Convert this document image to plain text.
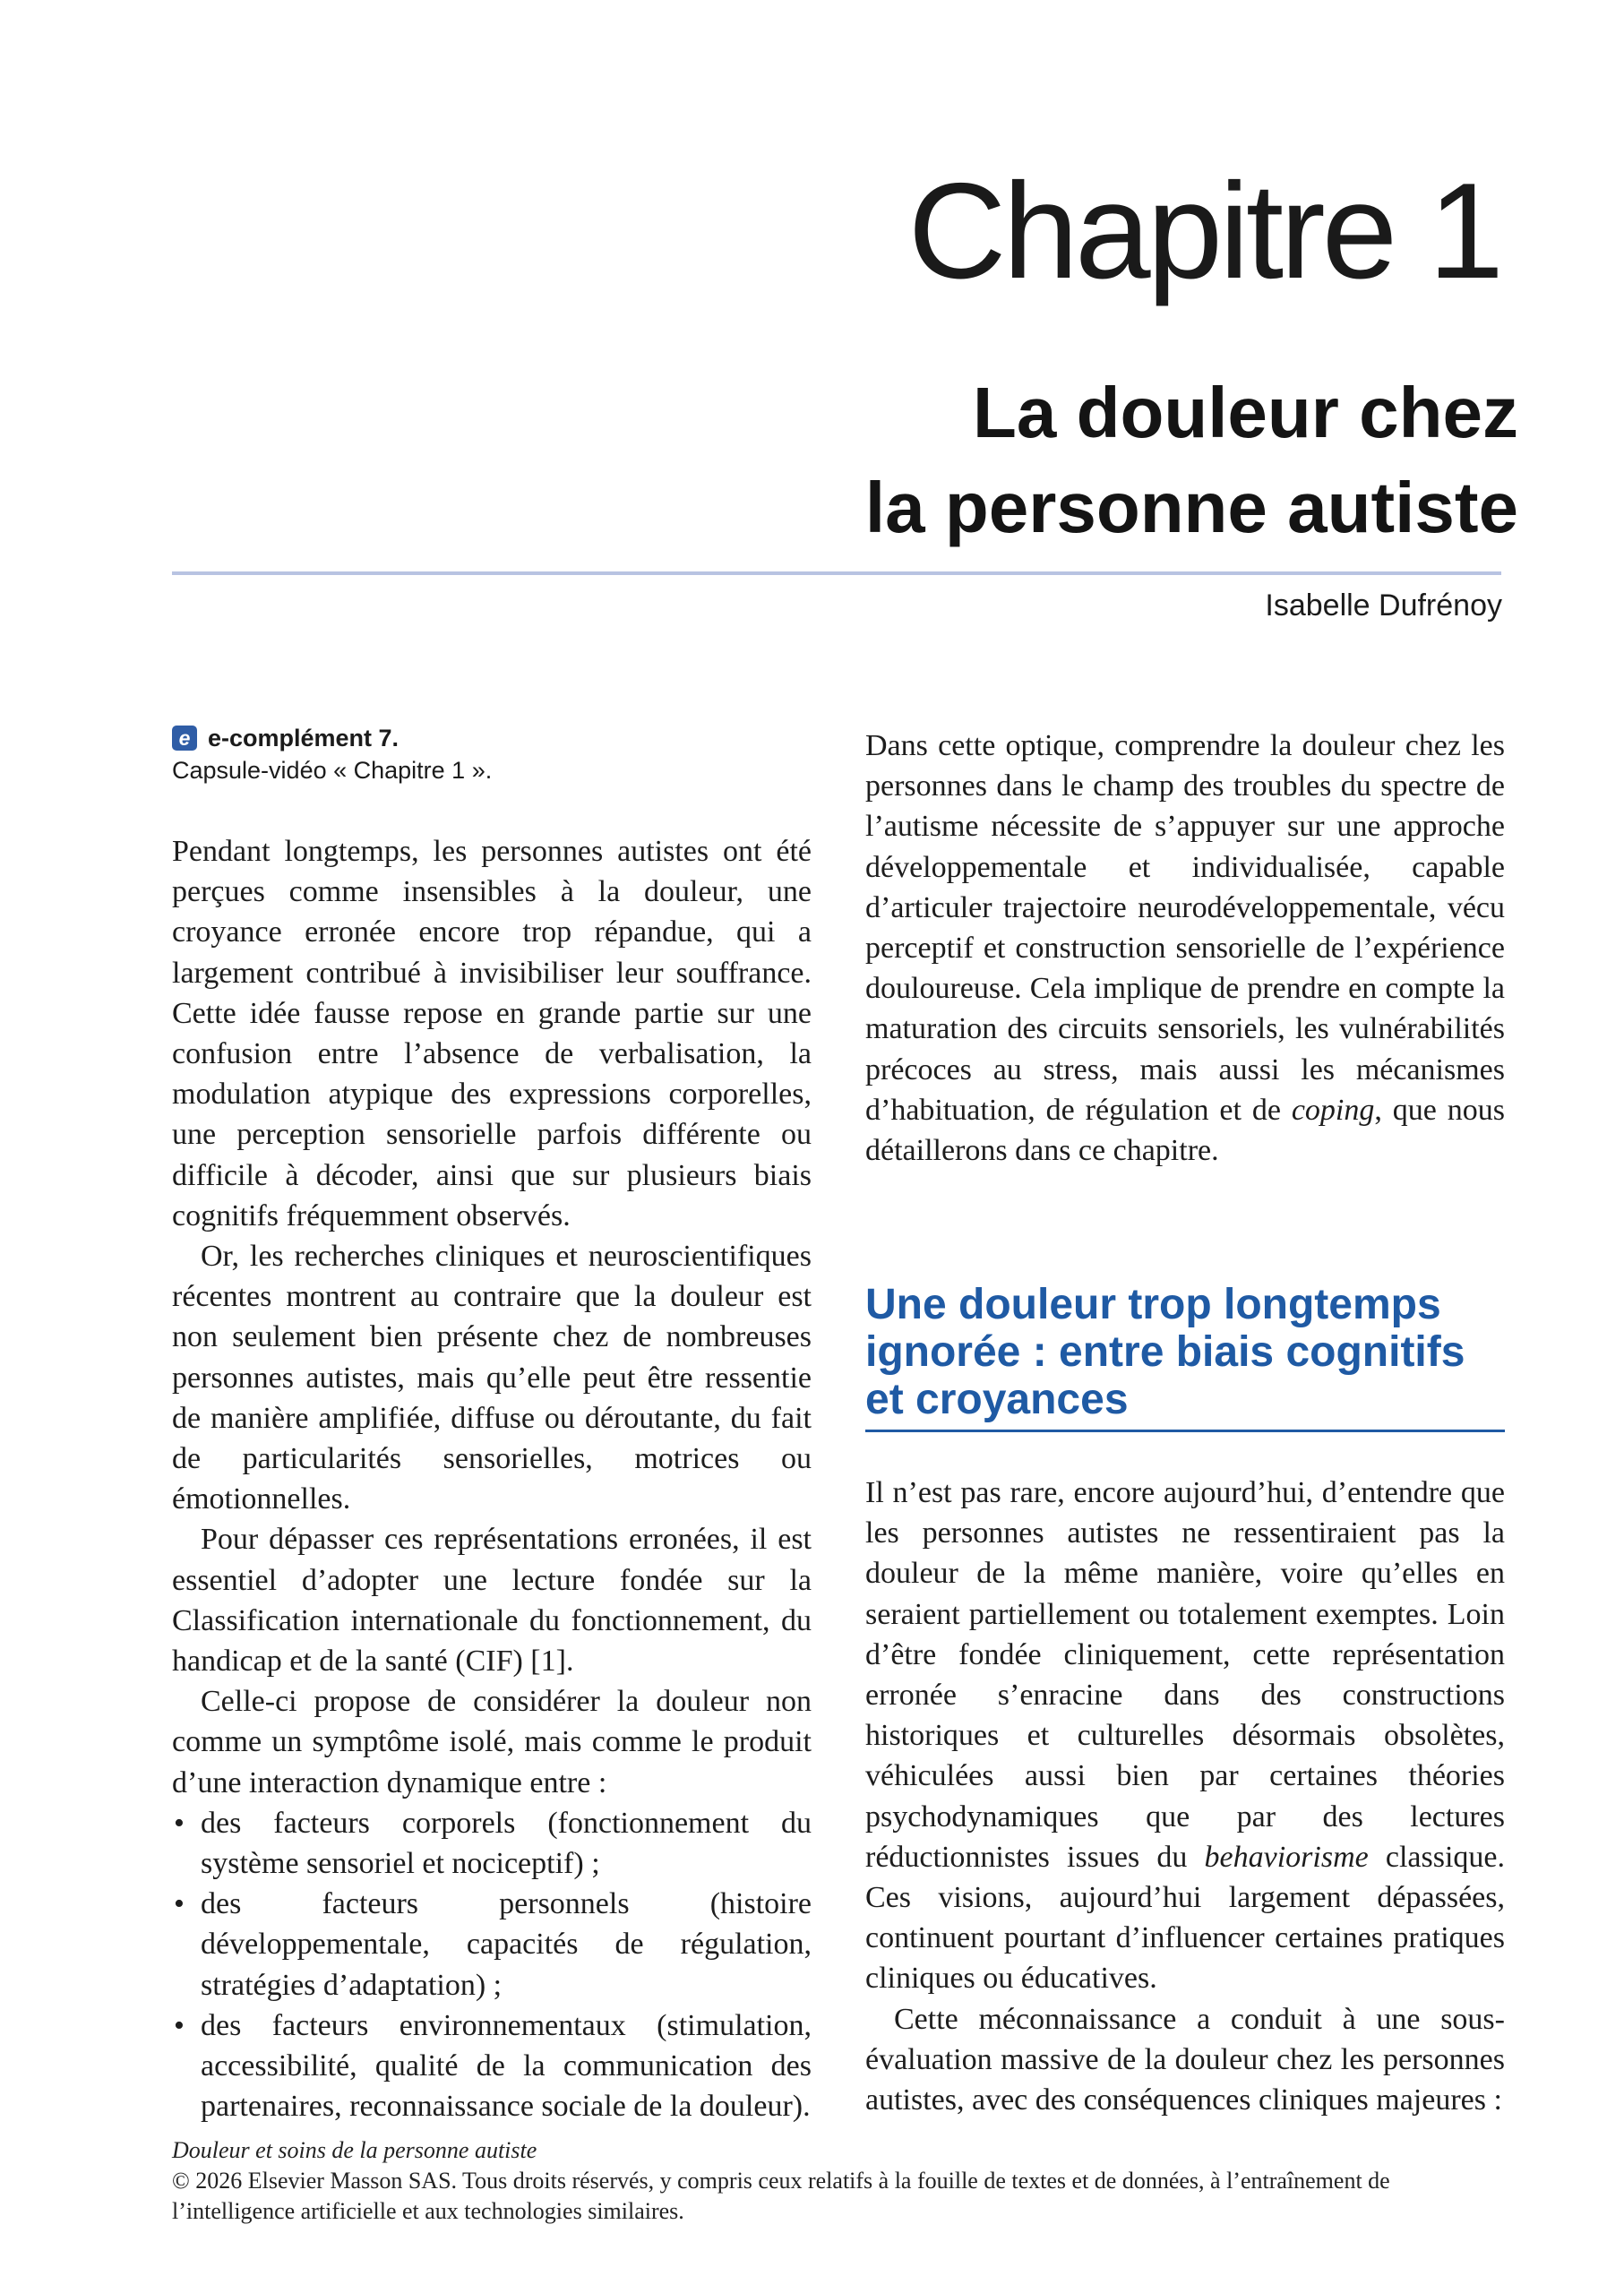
Chapitre 1
La douleur chez
la personne autiste
Isabelle Dufrénoy
e e-complément 7.
Capsule-vidéo « Chapitre 1 ».

Pendant longtemps, les personnes autistes ont été perçues comme insensibles à la douleur, une croyance erronée encore trop répandue, qui a largement contribué à invisibiliser leur souffrance. Cette idée fausse repose en grande partie sur une confusion entre l’absence de verbalisation, la modulation atypique des expressions corporelles, une perception sensorielle parfois différente ou difficile à décoder, ainsi que sur plusieurs biais cognitifs fréquemment observés.

Or, les recherches cliniques et neuroscientifiques récentes montrent au contraire que la douleur est non seulement bien présente chez de nombreuses personnes autistes, mais qu’elle peut être ressentie de manière amplifiée, diffuse ou déroutante, du fait de particularités sensorielles, motrices ou émotionnelles.

Pour dépasser ces représentations erronées, il est essentiel d’adopter une lecture fondée sur la Classification internationale du fonctionnement, du handicap et de la santé (CIF) [1].

Celle-ci propose de considérer la douleur non comme un symptôme isolé, mais comme le produit d’une interaction dynamique entre :

• des facteurs corporels (fonctionnement du système sensoriel et nociceptif) ;
• des facteurs personnels (histoire développementale, capacités de régulation, stratégies d’adaptation) ;
• des facteurs environnementaux (stimulation, accessibilité, qualité de la communication des partenaires, reconnaissance sociale de la douleur).

Dans cette optique, comprendre la douleur chez les personnes dans le champ des troubles du spectre de l’autisme nécessite de s’appuyer sur une approche développementale et individualisée, capable d’articuler trajectoire neurodéveloppementale, vécu perceptif et construction sensorielle de l’expérience douloureuse. Cela implique de prendre en compte la maturation des circuits sensoriels, les vulnérabilités précoces au stress, mais aussi les mécanismes d’habituation, de régulation et de coping, que nous détaillerons dans ce chapitre.

Une douleur trop longtemps ignorée : entre biais cognitifs et croyances

Il n’est pas rare, encore aujourd’hui, d’entendre que les personnes autistes ne ressentiraient pas la douleur de la même manière, voire qu’elles en seraient partiellement ou totalement exemptes. Loin d’être fondée cliniquement, cette représentation erronée s’enracine dans des constructions historiques et culturelles désormais obsolètes, véhiculées aussi bien par certaines théories psychodynamiques que par des lectures réductionnistes issues du behaviorisme classique. Ces visions, aujourd’hui largement dépassées, continuent pourtant d’influencer certaines pratiques cliniques ou éducatives.

Cette méconnaissance a conduit à une sous-évaluation massive de la douleur chez les personnes autistes, avec des conséquences cliniques majeures :

Douleur et soins de la personne autiste
© 2026 Elsevier Masson SAS. Tous droits réservés, y compris ceux relatifs à la fouille de textes et de données, à l’entraînement de l’intelligence artificielle et aux technologies similaires.
